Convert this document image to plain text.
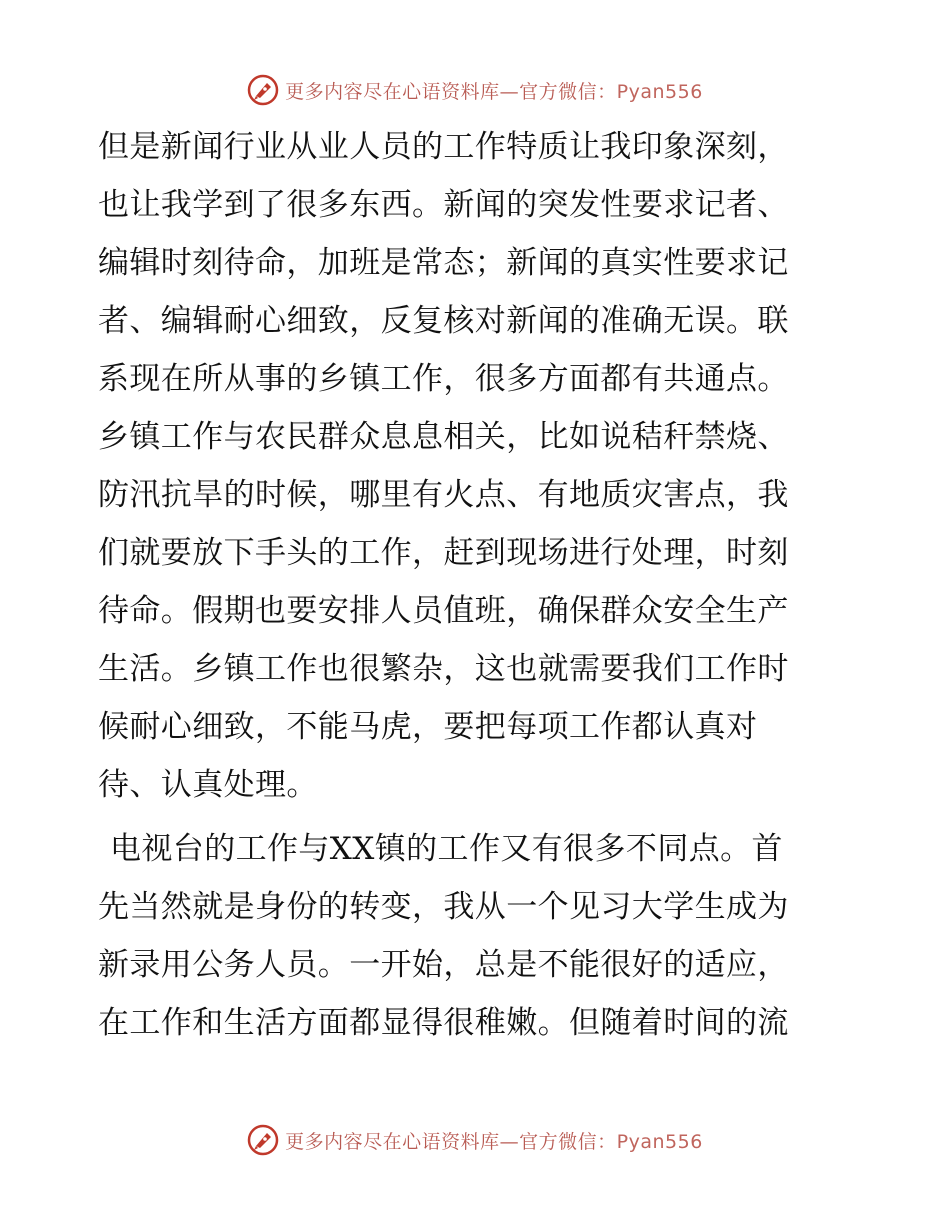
更多内容尽在心语资料库—官方微信：Pyan556
但是新闻行业从业人员的工作特质让我印象深刻，
也让我学到了很多东西。新闻的突发性要求记者、
编辑时刻待命，加班是常态；新闻的真实性要求记
者、编辑耐心细致，反复核对新闻的准确无误。联
系现在所从事的乡镇工作，很多方面都有共通点。
乡镇工作与农民群众息息相关，比如说秸秆禁烧、
防汛抗旱的时候，哪里有火点、有地质灾害点，我
们就要放下手头的工作，赶到现场进行处理，时刻
待命。假期也要安排人员值班，确保群众安全生产
生活。乡镇工作也很繁杂，这也就需要我们工作时
候耐心细致，不能马虎，要把每项工作都认真对
待、认真处理。
电视台的工作与XX镇的工作又有很多不同点。首
先当然就是身份的转变，我从一个见习大学生成为
新录用公务人员。一开始，总是不能很好的适应，
在工作和生活方面都显得很稚嫩。但随着时间的流
更多内容尽在心语资料库—官方微信：Pyan556
